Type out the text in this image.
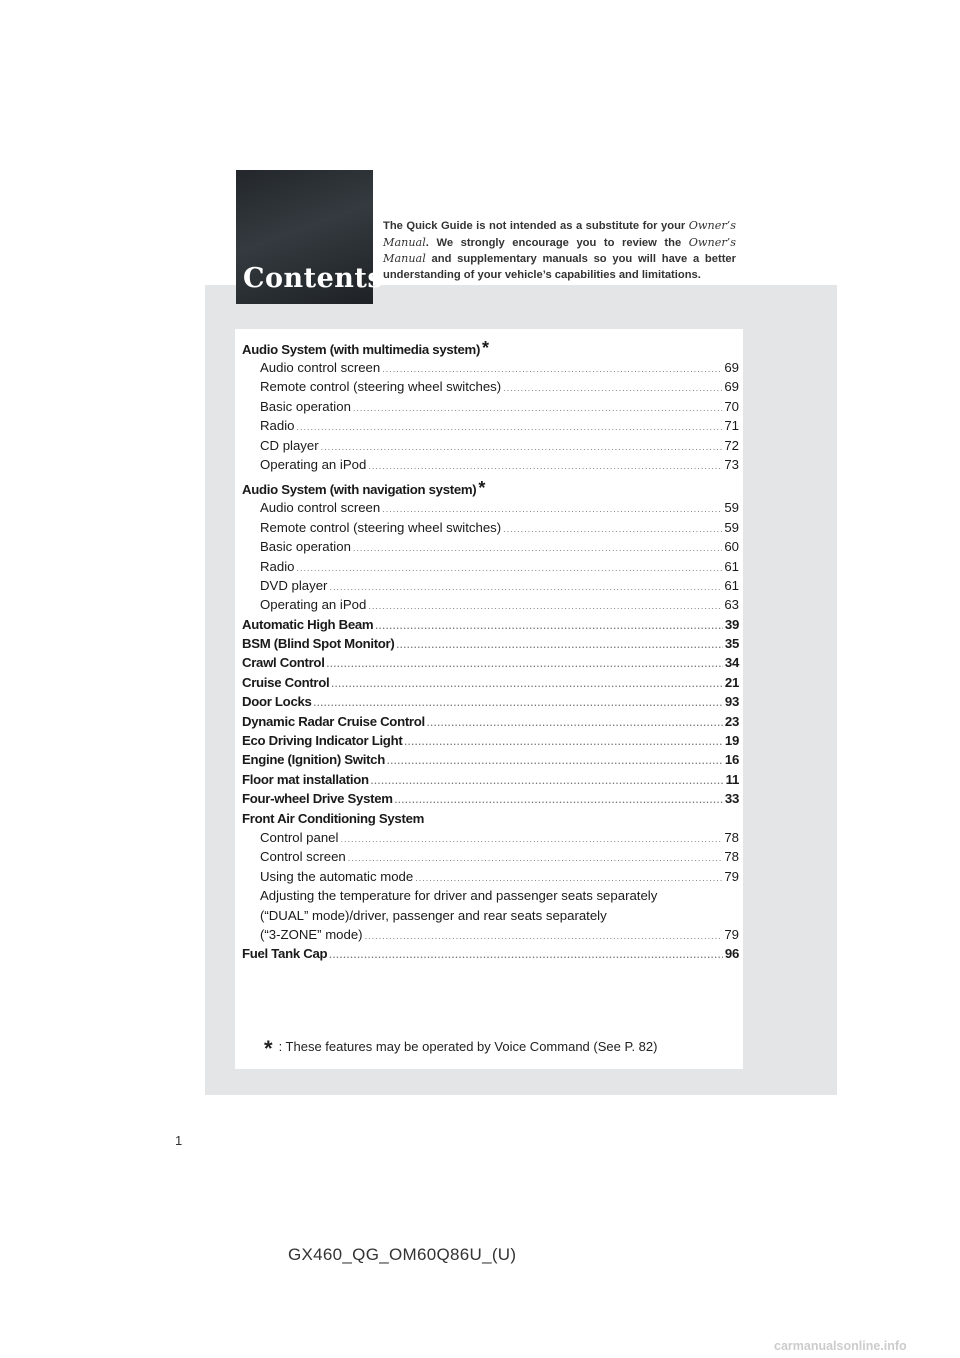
Contents
The Quick Guide is not intended as a substitute for your Owner’s Manual. We strongly encourage you to review the Owner’s Manual and supplementary manuals so you will have a better understanding of your vehicle’s capabilities and limitations.
Audio System (with multimedia system) *
Audio control screen .....	69
Remote control (steering wheel switches) .....	69
Basic operation .....	70
Radio .....	71
CD player .....	72
Operating an iPod .....	73
Audio System (with navigation system) *
Audio control screen .....	59
Remote control (steering wheel switches) .....	59
Basic operation .....	60
Radio .....	61
DVD player .....	61
Operating an iPod .....	63
Automatic High Beam .....	39
BSM (Blind Spot Monitor) .....	35
Crawl Control .....	34
Cruise Control .....	21
Door Locks .....	93
Dynamic Radar Cruise Control .....	23
Eco Driving Indicator Light .....	19
Engine (Ignition) Switch .....	16
Floor mat installation .....	11
Four-wheel Drive System .....	33
Front Air Conditioning System
Control panel .....	78
Control screen .....	78
Using the automatic mode .....	79
Adjusting the temperature for driver and passenger seats separately
(“DUAL” mode)/driver, passenger and rear seats separately
(“3-ZONE” mode) .....	79
Fuel Tank Cap .....	96
* : These features may be operated by Voice Command (See P. 82)
1
GX460_QG_OM60Q86U_(U)
carmanualsonline.info
